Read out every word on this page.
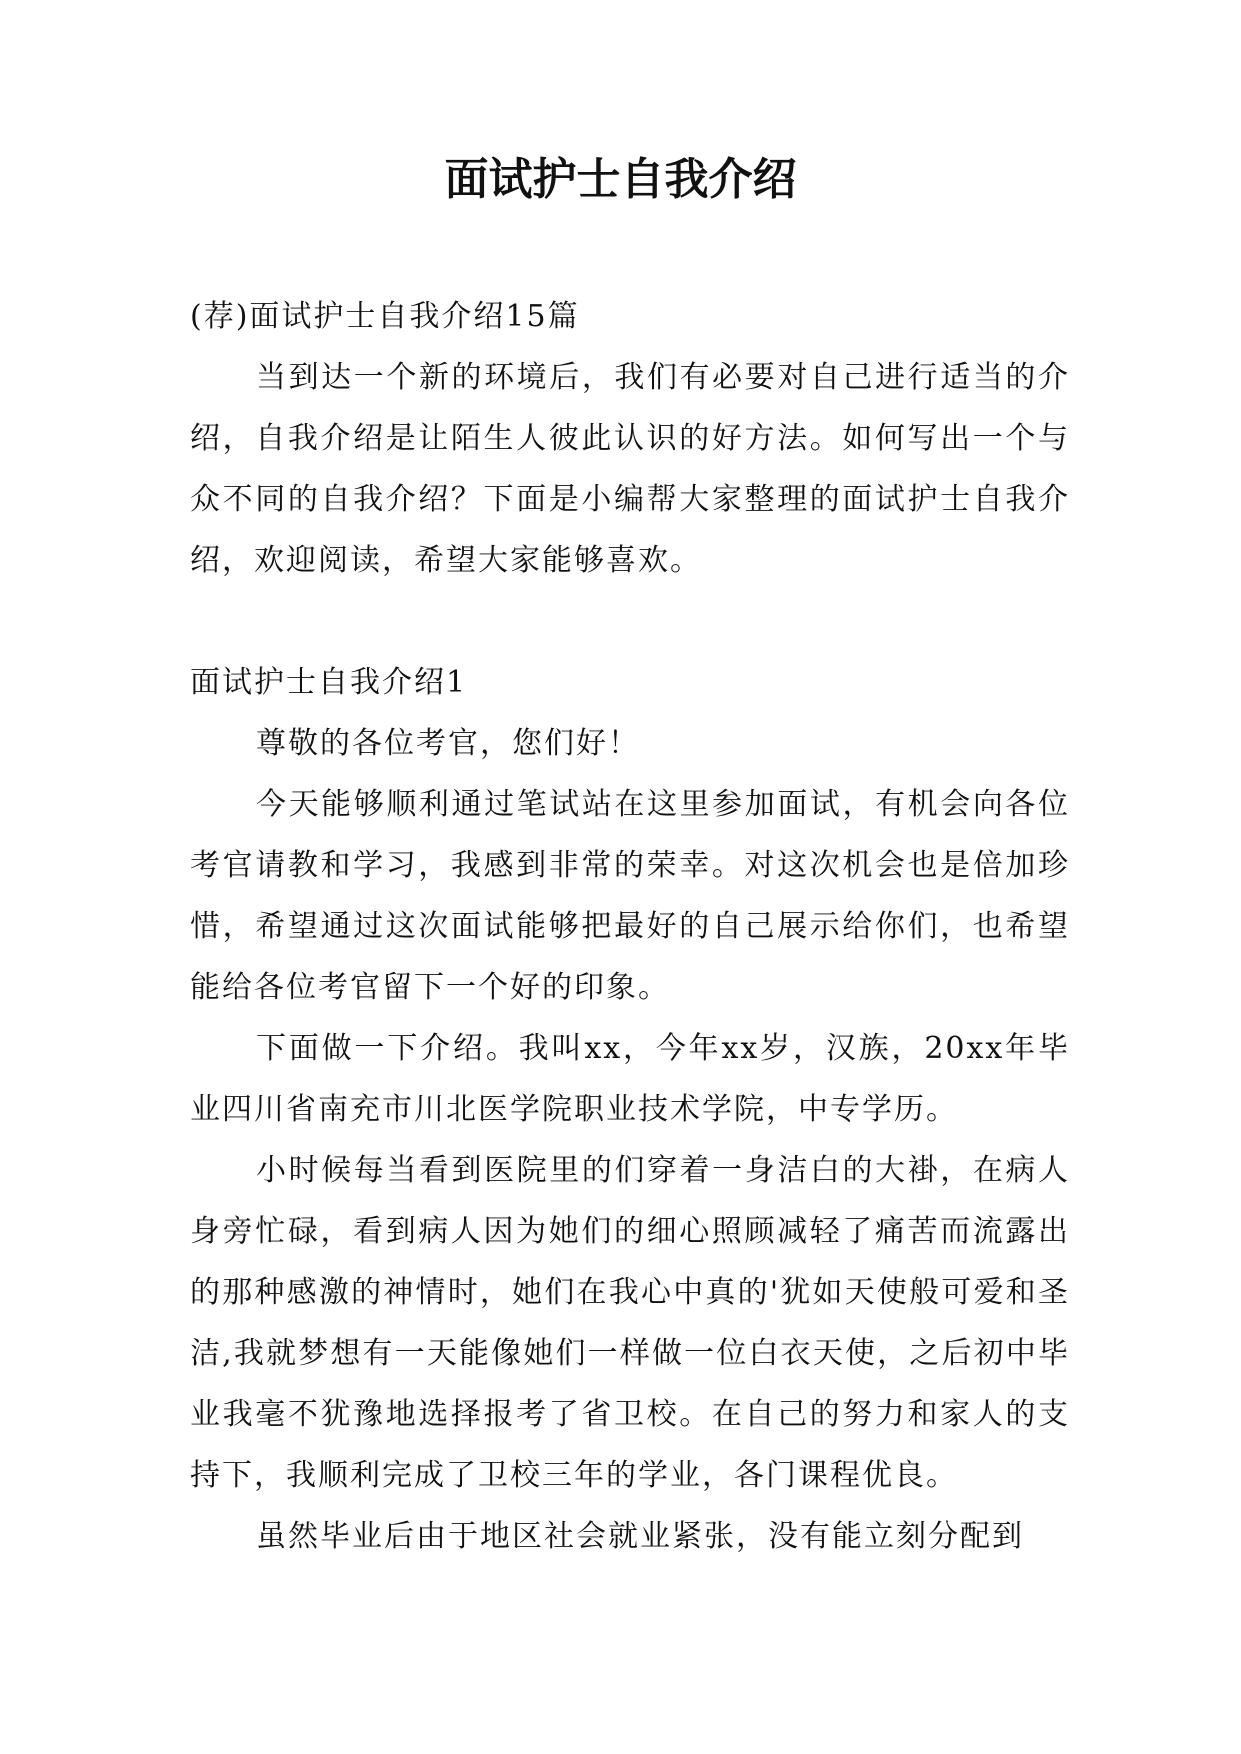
面试护士自我介绍

(荐)面试护士自我介绍15篇

当到达一个新的环境后，我们有必要对自己进行适当的介绍，自我介绍是让陌生人彼此认识的好方法。如何写出一个与众不同的自我介绍？下面是小编帮大家整理的面试护士自我介绍，欢迎阅读，希望大家能够喜欢。

面试护士自我介绍1

尊敬的各位考官，您们好！

今天能够顺利通过笔试站在这里参加面试，有机会向各位考官请教和学习，我感到非常的荣幸。对这次机会也是倍加珍惜，希望通过这次面试能够把最好的自己展示给你们，也希望能给各位考官留下一个好的印象。

下面做一下介绍。我叫xx，今年xx岁，汉族，20xx年毕业四川省南充市川北医学院职业技术学院，中专学历。

小时候每当看到医院里的们穿着一身洁白的大褂，在病人身旁忙碌，看到病人因为她们的细心照顾减轻了痛苦而流露出的那种感激的神情时，她们在我心中真的'犹如天使般可爱和圣洁,我就梦想有一天能像她们一样做一位白衣天使，之后初中毕业我毫不犹豫地选择报考了省卫校。在自己的努力和家人的支持下，我顺利完成了卫校三年的学业，各门课程优良。

虽然毕业后由于地区社会就业紧张，没有能立刻分配到
